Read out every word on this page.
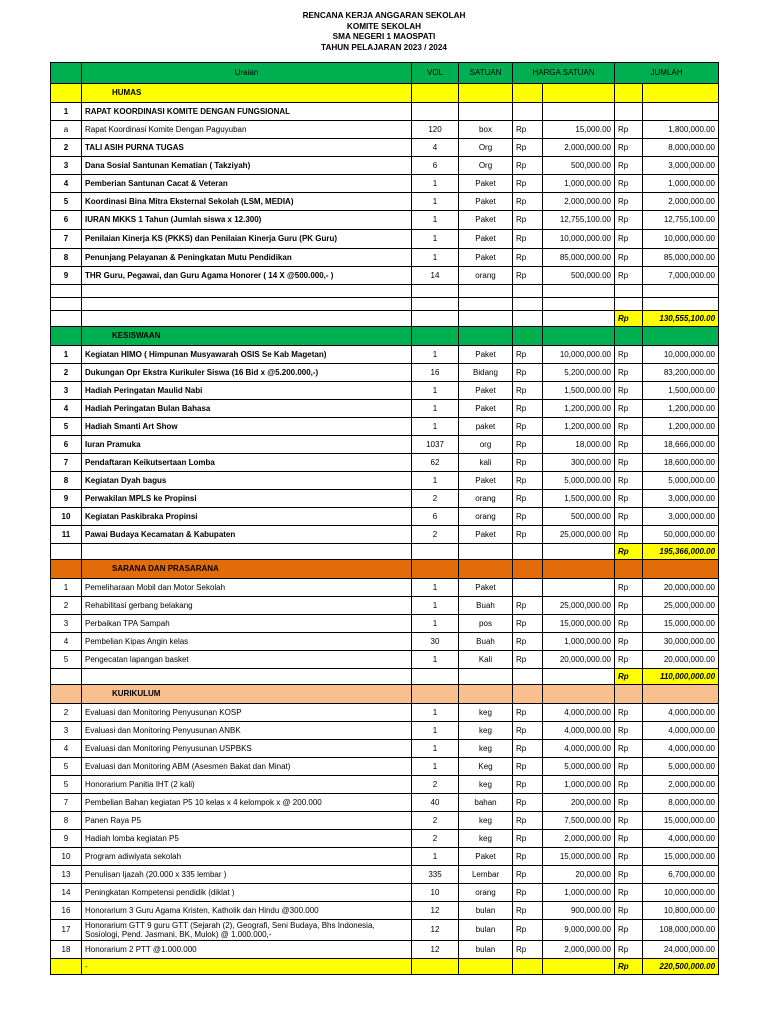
RENCANA KERJA ANGGARAN SEKOLAH
KOMITE SEKOLAH
SMA NEGERI 1 MAOSPATI
TAHUN PELAJARAN 2023 / 2024
	Uraian	VOL	SATUAN	HARGA SATUAN		JUMLAH	
	HUMAS						
1	RAPAT KOORDINASI KOMITE DENGAN FUNGSIONAL						
a	Rapat Koordinasi Komite Dengan Paguyuban	120	box	Rp	15,000.00	Rp	1,800,000.00
2	TALI ASIH PURNA TUGAS	4	Org	Rp	2,000,000.00	Rp	8,000,000.00
3	Dana Sosial Santunan Kematian ( Takziyah)	6	Org	Rp	500,000.00	Rp	3,000,000.00
4	Pemberian Santunan Cacat & Veteran	1	Paket	Rp	1,000,000.00	Rp	1,000,000.00
5	Koordinasi Bina Mitra Eksternal Sekolah (LSM, MEDIA)	1	Paket	Rp	2,000,000.00	Rp	2,000,000.00
6	IURAN MKKS 1 Tahun (Jumlah siswa x 12.300)	1	Paket	Rp	12,755,100.00	Rp	12,755,100.00
7	Penilaian Kinerja KS (PKKS) dan Penilaian Kinerja Guru (PK Guru)	1	Paket	Rp	10,000,000.00	Rp	10,000,000.00
8	Penunjang Pelayanan & Peningkatan Mutu Pendidikan	1	Paket	Rp	85,000,000.00	Rp	85,000,000.00
9	THR Guru, Pegawai, dan Guru Agama Honorer ( 14 X @500.000,- )	14	orang	Rp	500,000.00	Rp	7,000,000.00

						Rp	130,555,100.00
	KESISWAAN						
1	Kegiatan HIMO ( Himpunan Musyawarah OSIS Se Kab Magetan)	1	Paket	Rp	10,000,000.00	Rp	10,000,000.00
2	Dukungan Opr Ekstra Kurikuler Siswa (16 Bid x @5.200.000,-)	16	Bidang	Rp	5,200,000.00	Rp	83,200,000.00
3	Hadiah Peringatan Maulid Nabi	1	Paket	Rp	1,500,000.00	Rp	1,500,000.00
4	Hadiah Peringatan Bulan Bahasa	1	Paket	Rp	1,200,000.00	Rp	1,200,000.00
5	Hadiah Smanti Art Show	1	paket	Rp	1,200,000.00	Rp	1,200,000.00
6	Iuran Pramuka	1037	org	Rp	18,000.00	Rp	18,666,000.00
7	Pendaftaran Keikutsertaan Lomba	62	kali	Rp	300,000.00	Rp	18,600,000.00
8	Kegiatan Dyah bagus	1	Paket	Rp	5,000,000.00	Rp	5,000,000.00
9	Perwakilan MPLS ke Propinsi	2	orang	Rp	1,500,000.00	Rp	3,000,000.00
10	Kegiatan Paskibraka Propinsi	6	orang	Rp	500,000.00	Rp	3,000,000.00
11	Pawai Budaya Kecamatan & Kabupaten	2	Paket	Rp	25,000,000.00	Rp	50,000,000.00
						Rp	195,366,000.00
	SARANA DAN PRASARANA						
1	Pemeliharaan Mobil dan Motor Sekolah	1	Paket			Rp	20,000,000.00
2	Rehabilitasi gerbang belakang	1	Buah	Rp	25,000,000.00	Rp	25,000,000.00
3	Perbaikan TPA Sampah	1	pos	Rp	15,000,000.00	Rp	15,000,000.00
4	Pembelian Kipas Angin kelas	30	Buah	Rp	1,000,000.00	Rp	30,000,000.00
5	Pengecatan lapangan basket	1	Kali	Rp	20,000,000.00	Rp	20,000,000.00
						Rp	110,000,000.00
	KURIKULUM						
2	Evaluasi dan Monitoring Penyusunan KOSP	1	keg	Rp	4,000,000.00	Rp	4,000,000.00
3	Evaluasi dan Monitoring Penyusunan ANBK	1	keg	Rp	4,000,000.00	Rp	4,000,000.00
4	Evaluasi dan Monitoring Penyusunan USPBKS	1	keg	Rp	4,000,000.00	Rp	4,000,000.00
5	Evaluasi dan Monitoring ABM (Asesmen Bakat dan Minat)	1	Keg	Rp	5,000,000.00	Rp	5,000,000.00
5	Honorarium Panitia IHT (2 kali)	2	keg	Rp	1,000,000.00	Rp	2,000,000.00
7	Pembelian Bahan kegiatan P5 10 kelas x 4 kelompok x @ 200.000	40	bahan	Rp	200,000.00	Rp	8,000,000.00
8	Panen Raya P5	2	keg	Rp	7,500,000.00	Rp	15,000,000.00
9	Hadiah lomba kegiatan P5	2	keg	Rp	2,000,000.00	Rp	4,000,000.00
10	Program adiwiyata sekolah	1	Paket	Rp	15,000,000.00	Rp	15,000,000.00
13	Penulisan Ijazah (20.000 x 335 lembar )	335	Lembar	Rp	20,000.00	Rp	6,700,000.00
14	Peningkatan Kompetensi pendidik (diklat )	10	orang	Rp	1,000,000.00	Rp	10,000,000.00
16	Honorarium 3 Guru Agama Kristen, Katholik dan Hindu @300.000	12	bulan	Rp	900,000.00	Rp	10,800,000.00
17	Honorarium GTT 9 guru GTT (Sejarah (2), Geografi, Seni Budaya, Bhs Indonesia, Sosiologi, Pend. Jasmani, BK, Mulok) @ 1.000.000,-	12	bulan	Rp	9,000,000.00	Rp	108,000,000.00
18	Honorarium 2 PTT @1.000.000	12	bulan	Rp	2,000,000.00	Rp	24,000,000.00
	-					Rp	220,500,000.00
